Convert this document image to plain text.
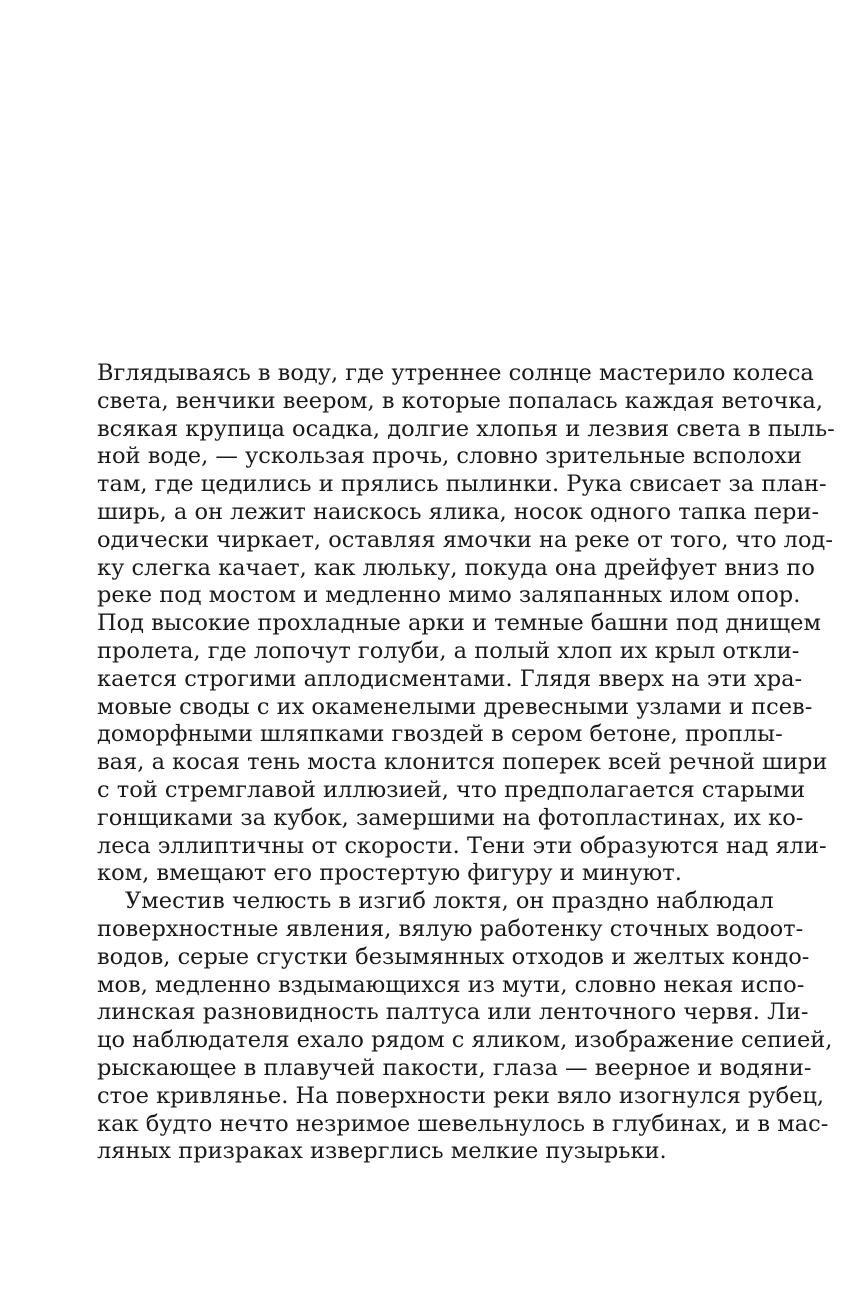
Вглядываясь в воду, где утреннее солнце мастерило колеса
света, венчики веером, в которые попалась каждая веточка,
всякая крупица осадка, долгие хлопья и лезвия света в пыль-
ной воде, — ускользая прочь, словно зрительные всполохи
там, где цедились и прялись пылинки. Рука свисает за план-
ширь, а он лежит наискось ялика, носок одного тапка пери-
одически чиркает, оставляя ямочки на реке от того, что лод-
ку слегка качает, как люльку, покуда она дрейфует вниз по
реке под мостом и медленно мимо заляпанных илом опор.
Под высокие прохладные арки и темные башни под днищем
пролета, где лопочут голуби, а полый хлоп их крыл откли-
кается строгими аплодисментами. Глядя вверх на эти хра-
мовые своды с их окаменелыми древесными узлами и псев-
доморфными шляпками гвоздей в сером бетоне, проплы-
вая, а косая тень моста клонится поперек всей речной шири
с той стремглавой иллюзией, что предполагается старыми
гонщиками за кубок, замершими на фотопластинах, их ко-
леса эллиптичны от скорости. Тени эти образуются над яли-
ком, вмещают его простертую фигуру и минуют.
Уместив челюсть в изгиб локтя, он праздно наблюдал
поверхностные явления, вялую работенку сточных водоот-
водов, серые сгустки безымянных отходов и желтых кондо-
мов, медленно вздымающихся из мути, словно некая испо-
линская разновидность палтуса или ленточного червя. Ли-
цо наблюдателя ехало рядом с яликом, изображение сепией,
рыскающее в плавучей пакости, глаза — веерное и водяни-
стое кривлянье. На поверхности реки вяло изогнулся рубец,
как будто нечто незримое шевельнулось в глубинах, и в мас-
ляных призраках изверглись мелкие пузырьки.
